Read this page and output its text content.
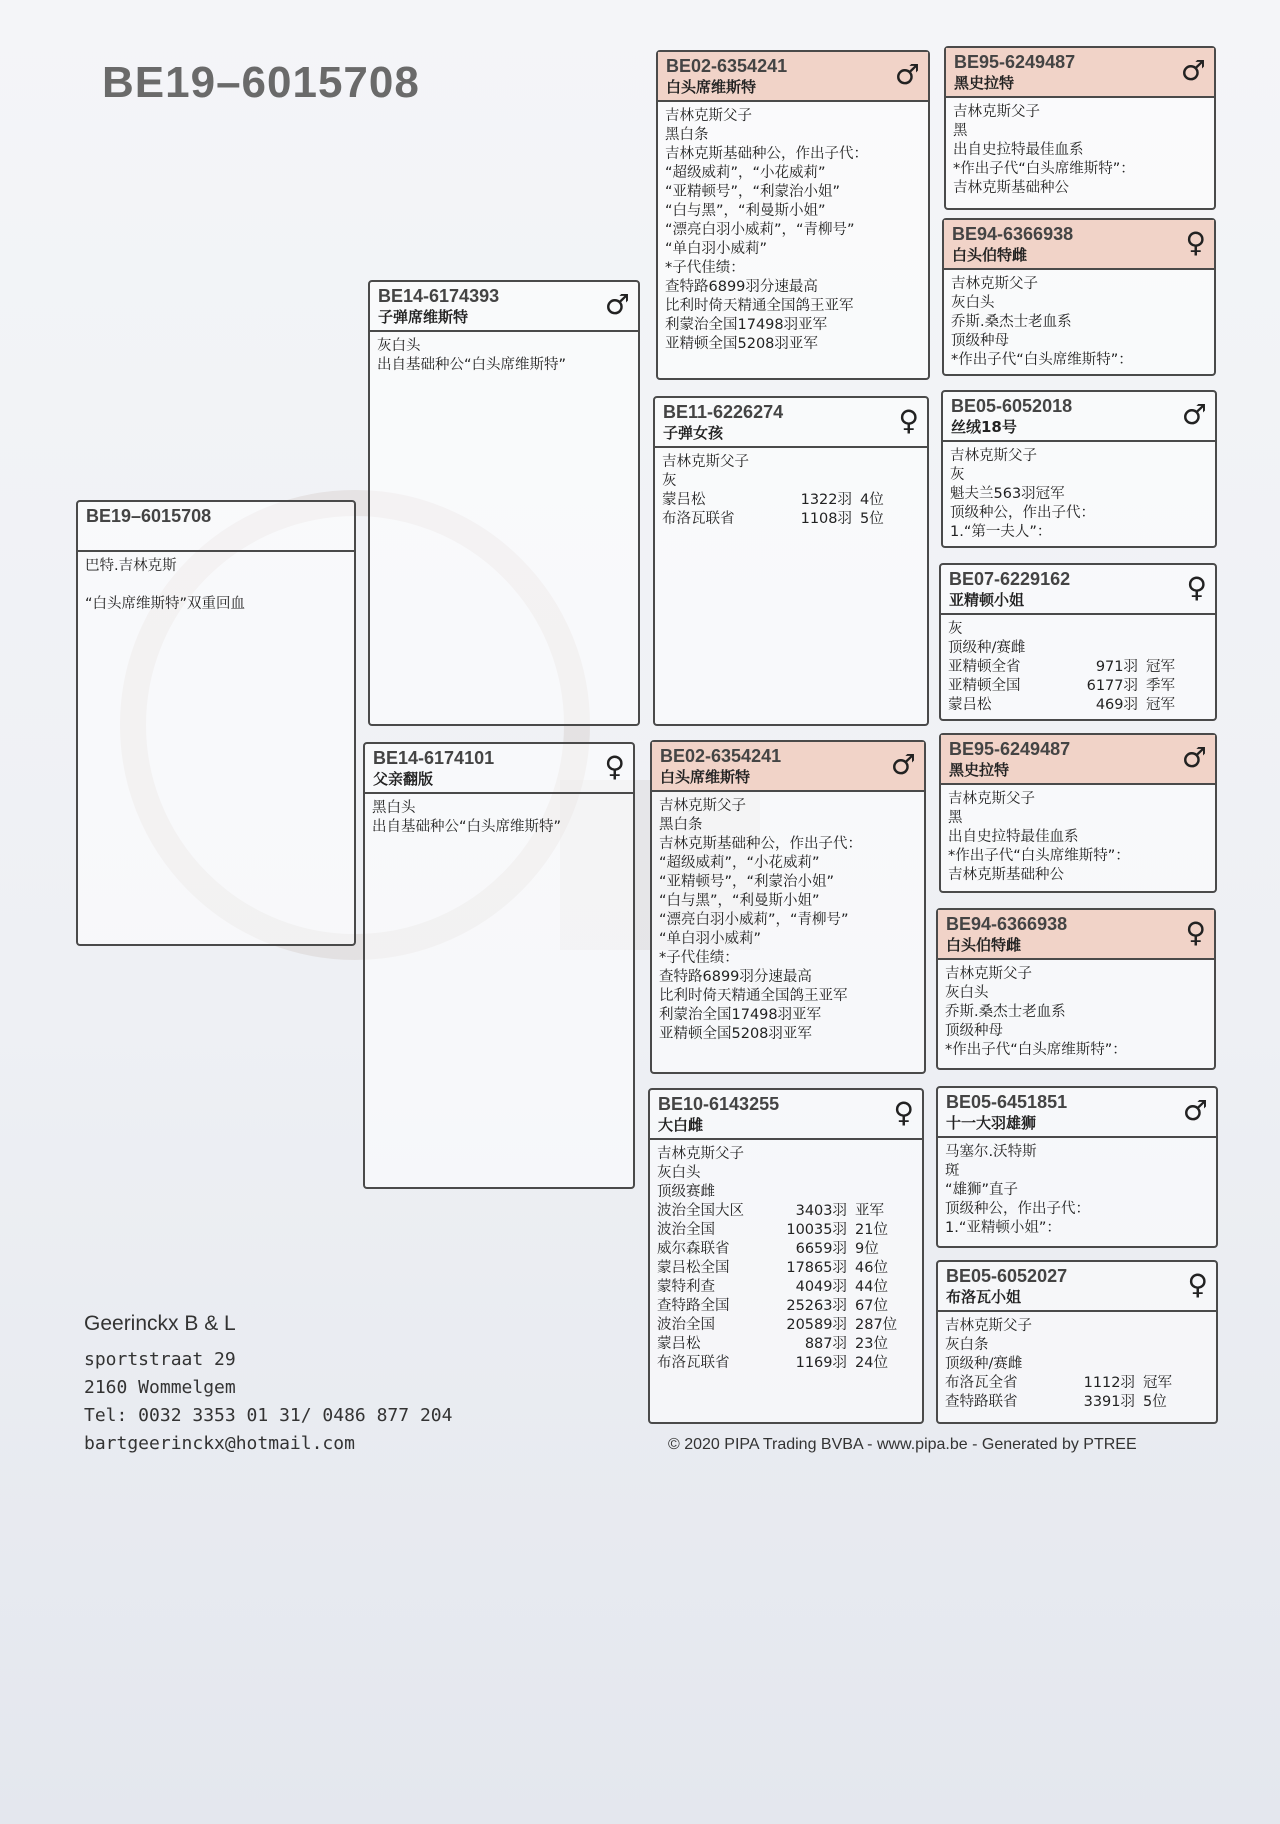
BE19–6015708
BE19–6015708
巴特.吉林克斯
“白头席维斯特”双重回血
BE14-6174393
子弹席维斯特	♂
灰白头
出自基础种公“白头席维斯特”
BE14-6174101
父亲翻版	♀
黑白头
出自基础种公“白头席维斯特”
BE02-6354241
白头席维斯特	♂
吉林克斯父子
黑白条
吉林克斯基础种公，作出子代：
“超级威莉”，“小花威莉”
“亚精顿号”，“利蒙治小姐”
“白与黑”，“利曼斯小姐”
“漂亮白羽小威莉”，“青柳号”
“单白羽小威莉”
*子代佳绩：
查特路6899羽分速最高
比利时倚天精通全国鸽王亚军
利蒙治全国17498羽亚军
亚精顿全国5208羽亚军
BE11-6226274
子弹女孩	♀
吉林克斯父子
灰
蒙吕松	1322羽 4位
布洛瓦联省	1108羽 5位
BE02-6354241
白头席维斯特	♂
吉林克斯父子
黑白条
吉林克斯基础种公，作出子代：
“超级威莉”，“小花威莉”
“亚精顿号”，“利蒙治小姐”
“白与黑”，“利曼斯小姐”
“漂亮白羽小威莉”，“青柳号”
“单白羽小威莉”
*子代佳绩：
查特路6899羽分速最高
比利时倚天精通全国鸽王亚军
利蒙治全国17498羽亚军
亚精顿全国5208羽亚军
BE10-6143255
大白雌	♀
吉林克斯父子
灰白头
顶级赛雌
波治全国大区	3403羽 亚军
波治全国	10035羽 21位
威尔森联省	6659羽 9位
蒙吕松全国	17865羽 46位
蒙特利查	4049羽 44位
查特路全国	25263羽 67位
波治全国	20589羽 287位
蒙吕松	887羽 23位
布洛瓦联省	1169羽 24位
BE95-6249487
黑史拉特	♂
吉林克斯父子
黑
出自史拉特最佳血系
*作出子代“白头席维斯特”：
吉林克斯基础种公
BE94-6366938
白头伯特雌	♀
吉林克斯父子
灰白头
乔斯.桑杰士老血系
顶级种母
*作出子代“白头席维斯特”：
BE05-6052018
丝绒18号	♂
吉林克斯父子
灰
魁夫兰563羽冠军
顶级种公，作出子代：
1.“第一夫人”：
BE07-6229162
亚精顿小姐	♀
灰
顶级种/赛雌
亚精顿全省	971羽 冠军
亚精顿全国	6177羽 季军
蒙吕松	469羽 冠军
BE95-6249487
黑史拉特	♂
吉林克斯父子
黑
出自史拉特最佳血系
*作出子代“白头席维斯特”：
吉林克斯基础种公
BE94-6366938
白头伯特雌	♀
吉林克斯父子
灰白头
乔斯.桑杰士老血系
顶级种母
*作出子代“白头席维斯特”：
BE05-6451851
十一大羽雄狮	♂
马塞尔.沃特斯
斑
“雄狮”直子
顶级种公，作出子代：
1.“亚精顿小姐”：
BE05-6052027
布洛瓦小姐	♀
吉林克斯父子
灰白条
顶级种/赛雌
布洛瓦全省	1112羽 冠军
查特路联省	3391羽 5位
Geerinckx B & L
sportstraat 29
2160 Wommelgem
Tel: 0032 3353 01 31/ 0486 877 204
bartgeerinckx@hotmail.com	© 2020 PIPA Trading BVBA - www.pipa.be - Generated by PTREE
